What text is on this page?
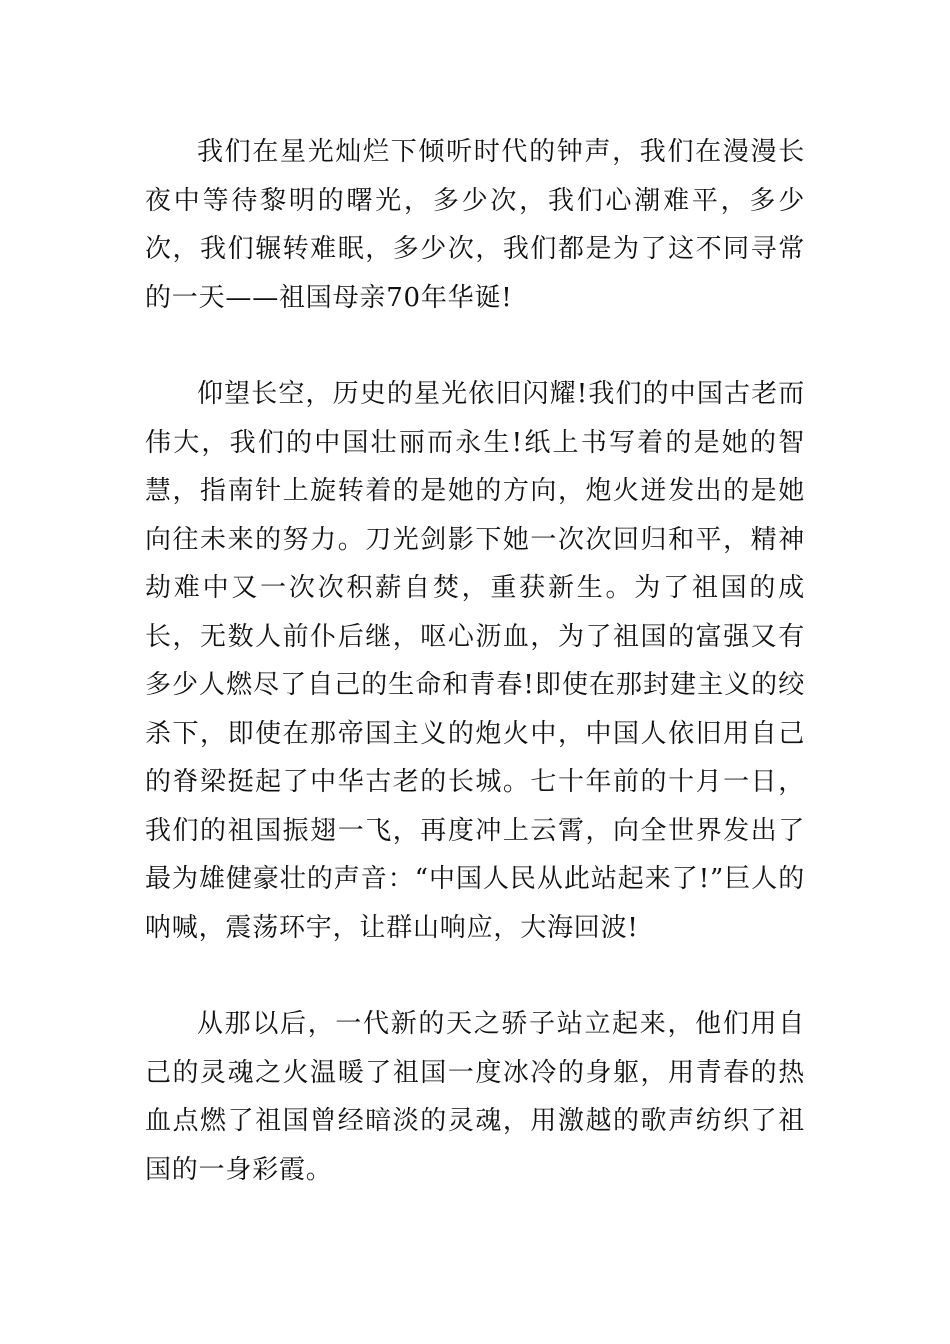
我们在星光灿烂下倾听时代的钟声，我们在漫漫长夜中等待黎明的曙光，多少次，我们心潮难平，多少次，我们辗转难眠，多少次，我们都是为了这不同寻常的一天——祖国母亲70年华诞!

仰望长空，历史的星光依旧闪耀!我们的中国古老而伟大，我们的中国壮丽而永生!纸上书写着的是她的智慧，指南针上旋转着的是她的方向，炮火迸发出的是她向往未来的努力。刀光剑影下她一次次回归和平，精神劫难中又一次次积薪自焚，重获新生。为了祖国的成长，无数人前仆后继，呕心沥血，为了祖国的富强又有多少人燃尽了自己的生命和青春!即使在那封建主义的绞杀下，即使在那帝国主义的炮火中，中国人依旧用自己的脊梁挺起了中华古老的长城。七十年前的十月一日，我们的祖国振翅一飞，再度冲上云霄，向全世界发出了最为雄健豪壮的声音：“中国人民从此站起来了!”巨人的呐喊，震荡环宇，让群山响应，大海回波!

从那以后，一代新的天之骄子站立起来，他们用自己的灵魂之火温暖了祖国一度冰冷的身躯，用青春的热血点燃了祖国曾经暗淡的灵魂，用激越的歌声纺织了祖国的一身彩霞。
